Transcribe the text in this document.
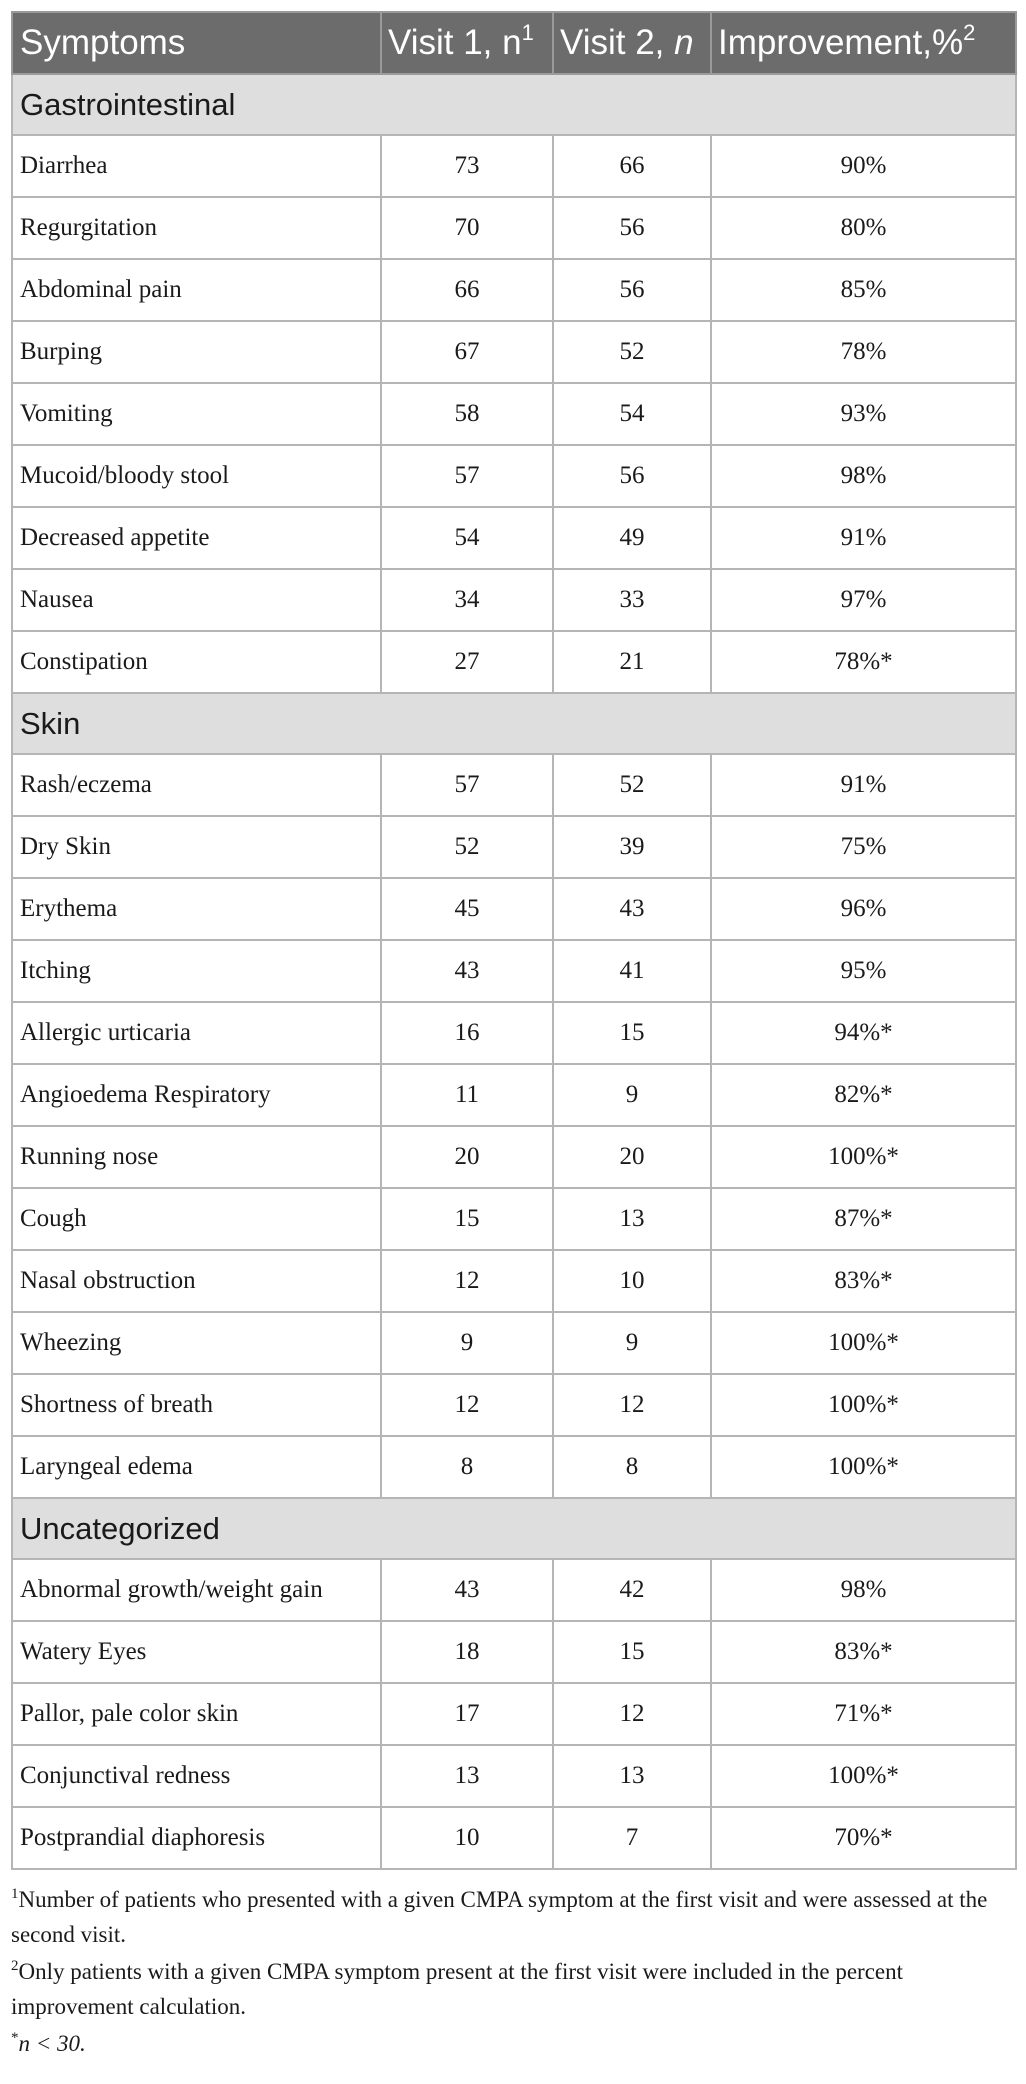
Symptoms	Visit 1, $n^1$	Visit 2, n	Improvement,%$^2$
Gastrointestinal			
Diarrhea	73	66	90%
Regurgitation	70	56	80%
Abdominal pain	66	56	85%
Burping	67	52	78%
Vomiting	58	54	93%
Mucoid/bloody stool	57	56	98%
Decreased appetite	54	49	91%
Nausea	34	33	97%
Constipation	27	21	78%*
Skin			
Rash/eczema	57	52	91%
Dry Skin	52	39	75%
Erythema	45	43	96%
Itching	43	41	95%
Allergic urticaria	16	15	94%*
Angioedema Respiratory	11	9	82%*
Running nose	20	20	100%*
Cough	15	13	87%*
Nasal obstruction	12	10	83%*
Wheezing	9	9	100%*
Shortness of breath	12	12	100%*
Laryngeal edema	8	8	100%*
Uncategorized			
Abnormal growth/weight gain	43	42	98%
Watery Eyes	18	15	83%*
Pallor, pale color skin	17	12	71%*
Conjunctival redness	13	13	100%*
Postprandial diaphoresis	10	7	70%*

$^1$Number of patients who presented with a given CMPA symptom at the first visit and were assessed at the second visit.

$^2$Only patients with a given CMPA symptom present at the first visit were included in the percent improvement calculation.

*n < 30.
